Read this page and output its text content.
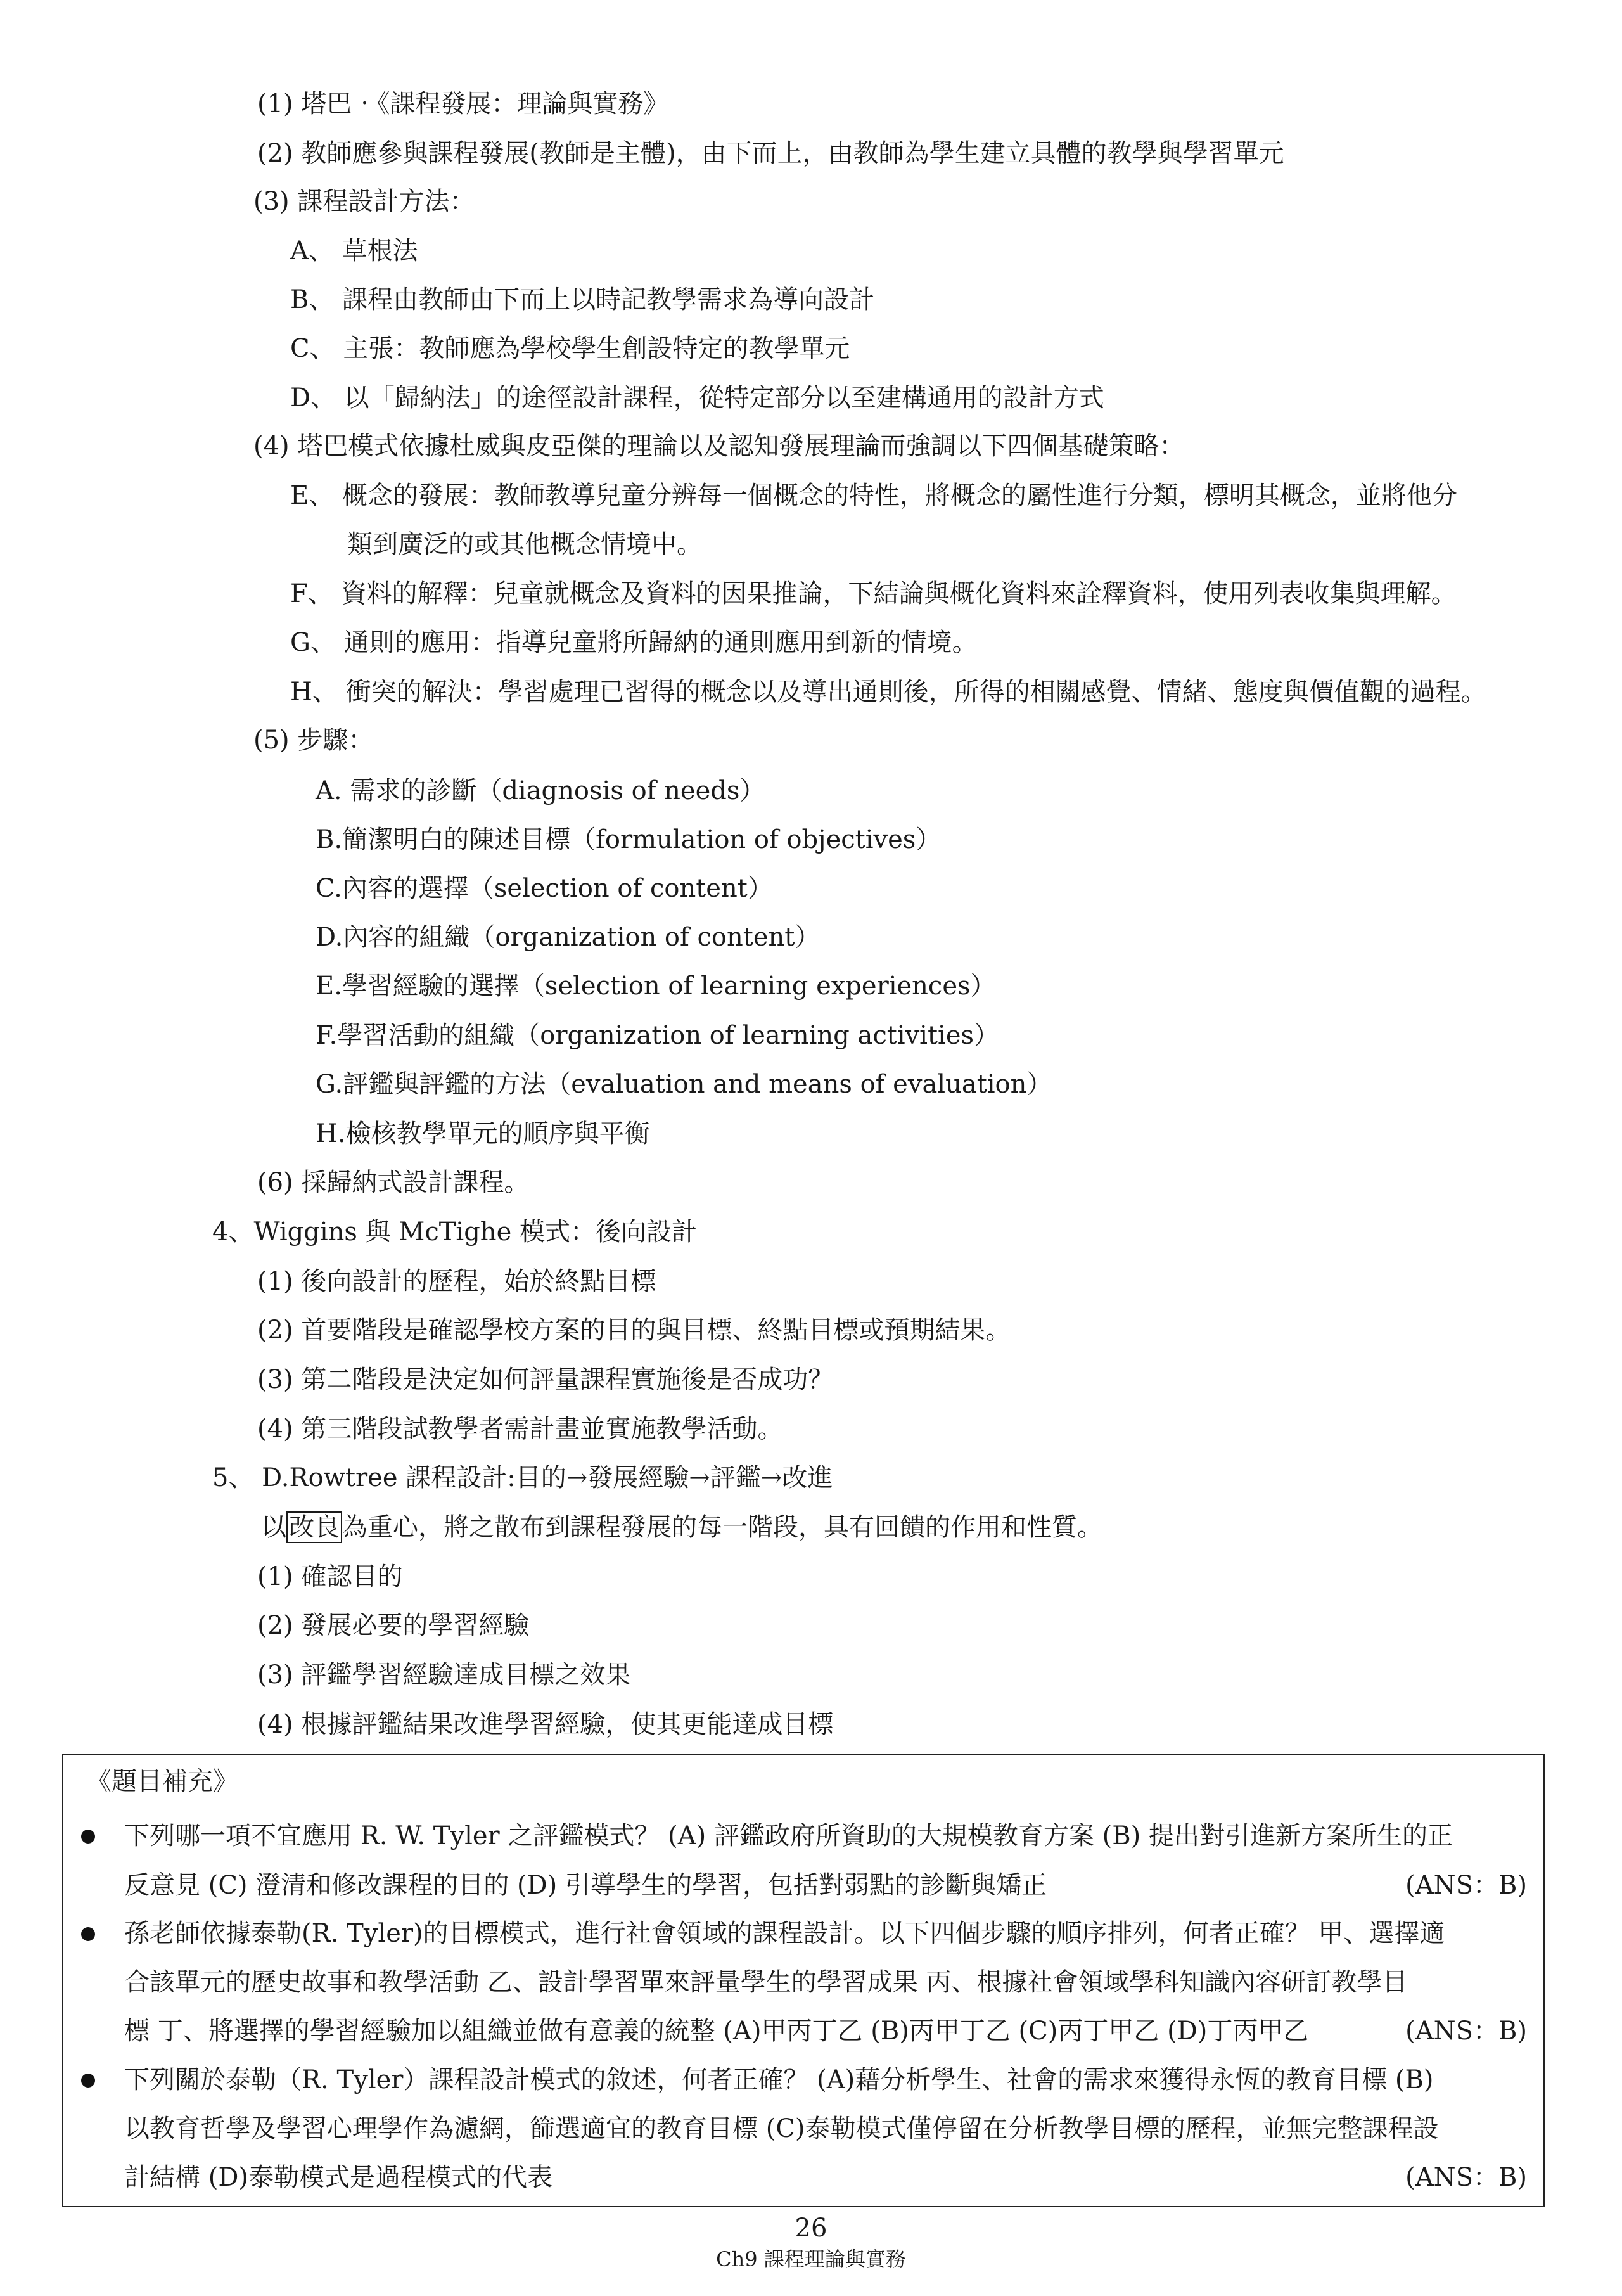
(1) 塔巴‧《課程發展：理論與實務》
(2) 教師應參與課程發展(教師是主體)，由下而上，由教師為學生建立具體的教學與學習單元
(3) 課程設計方法：
A、 草根法
B、 課程由教師由下而上以時記教學需求為導向設計
C、 主張：教師應為學校學生創設特定的教學單元
D、 以「歸納法」的途徑設計課程，從特定部分以至建構通用的設計方式
(4) 塔巴模式依據杜威與皮亞傑的理論以及認知發展理論而強調以下四個基礎策略：
E、 概念的發展：教師教導兒童分辨每一個概念的特性，將概念的屬性進行分類，標明其概念，並將他分
類到廣泛的或其他概念情境中。
F、 資料的解釋：兒童就概念及資料的因果推論，下結論與概化資料來詮釋資料，使用列表收集與理解。
G、 通則的應用：指導兒童將所歸納的通則應用到新的情境。
H、 衝突的解決：學習處理已習得的概念以及導出通則後，所得的相關感覺、情緒、態度與價值觀的過程。
(5) 步驟：
A. 需求的診斷（diagnosis of needs）
B.簡潔明白的陳述目標（formulation of objectives）
C.內容的選擇（selection of content）
D.內容的組織（organization of content）
E.學習經驗的選擇（selection of learning experiences）
F.學習活動的組織（organization of learning activities）
G.評鑑與評鑑的方法（evaluation and means of evaluation）
H.檢核教學單元的順序與平衡
(6) 採歸納式設計課程。
4、Wiggins 與 McTighe 模式：後向設計
(1) 後向設計的歷程，始於終點目標
(2) 首要階段是確認學校方案的目的與目標、終點目標或預期結果。
(3) 第二階段是決定如何評量課程實施後是否成功？
(4) 第三階段試教學者需計畫並實施教學活動。
5、 D.Rowtree 課程設計:目的→發展經驗→評鑑→改進
以 改良 為重心，將之散布到課程發展的每一階段，具有回饋的作用和性質。
(1) 確認目的
(2) 發展必要的學習經驗
(3) 評鑑學習經驗達成目標之效果
(4) 根據評鑑結果改進學習經驗，使其更能達成目標
《題目補充》
下列哪一項不宜應用 R. W. Tyler 之評鑑模式？ (A) 評鑑政府所資助的大規模教育方案 (B) 提出對引進新方案所生的正
反意見 (C) 澄清和修改課程的目的 (D) 引導學生的學習，包括對弱點的診斷與矯正	(ANS：B)
孫老師依據泰勒(R. Tyler)的目標模式，進行社會領域的課程設計。以下四個步驟的順序排列，何者正確？ 甲、選擇適
合該單元的歷史故事和教學活動 乙、設計學習單來評量學生的學習成果 丙、根據社會領域學科知識內容研訂教學目
標 丁、將選擇的學習經驗加以組織並做有意義的統整 (A)甲丙丁乙 (B)丙甲丁乙 (C)丙丁甲乙 (D)丁丙甲乙	(ANS：B)
下列關於泰勒（R. Tyler）課程設計模式的敘述，何者正確？ (A)藉分析學生、社會的需求來獲得永恆的教育目標 (B)
以教育哲學及學習心理學作為濾網，篩選適宜的教育目標 (C)泰勒模式僅停留在分析教學目標的歷程，並無完整課程設
計結構 (D)泰勒模式是過程模式的代表	(ANS：B)
26
Ch9 課程理論與實務
